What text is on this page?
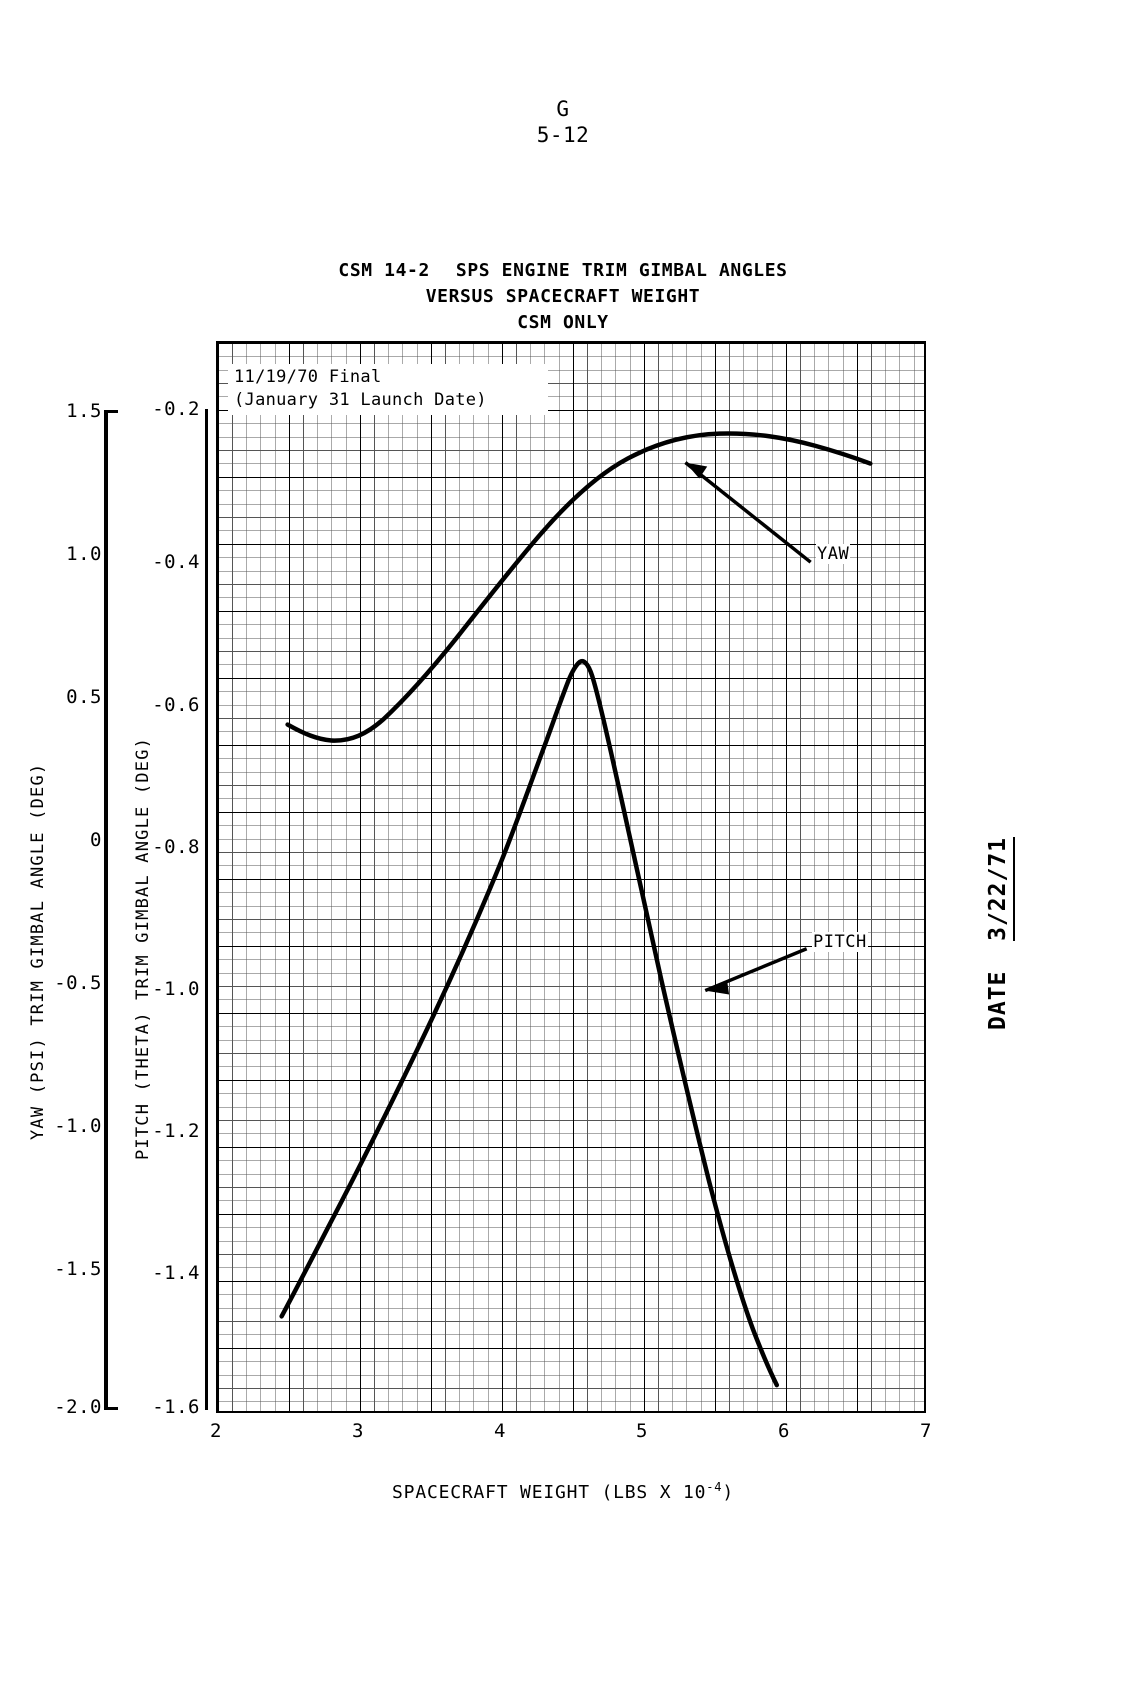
G
5-12
CSM 14-2 SPS ENGINE TRIM GIMBAL ANGLES
VERSUS SPACECRAFT WEIGHT
CSM ONLY
11/19/70 Final
(January 31 Launch Date)
YAW
PITCH
1.5
1.0
0.5
0
-0.5
-1.0
-1.5
-2.0
-0.2
-0.4
-0.6
-0.8
-1.0
-1.2
-1.4
-1.6
2	3	4	5	6	7
YAW (PSI) TRIM GIMBAL ANGLE (DEG)	PITCH (THETA) TRIM GIMBAL ANGLE (DEG)
SPACECRAFT WEIGHT (LBS X $10^{-4}$)
DATE  3/22/71
